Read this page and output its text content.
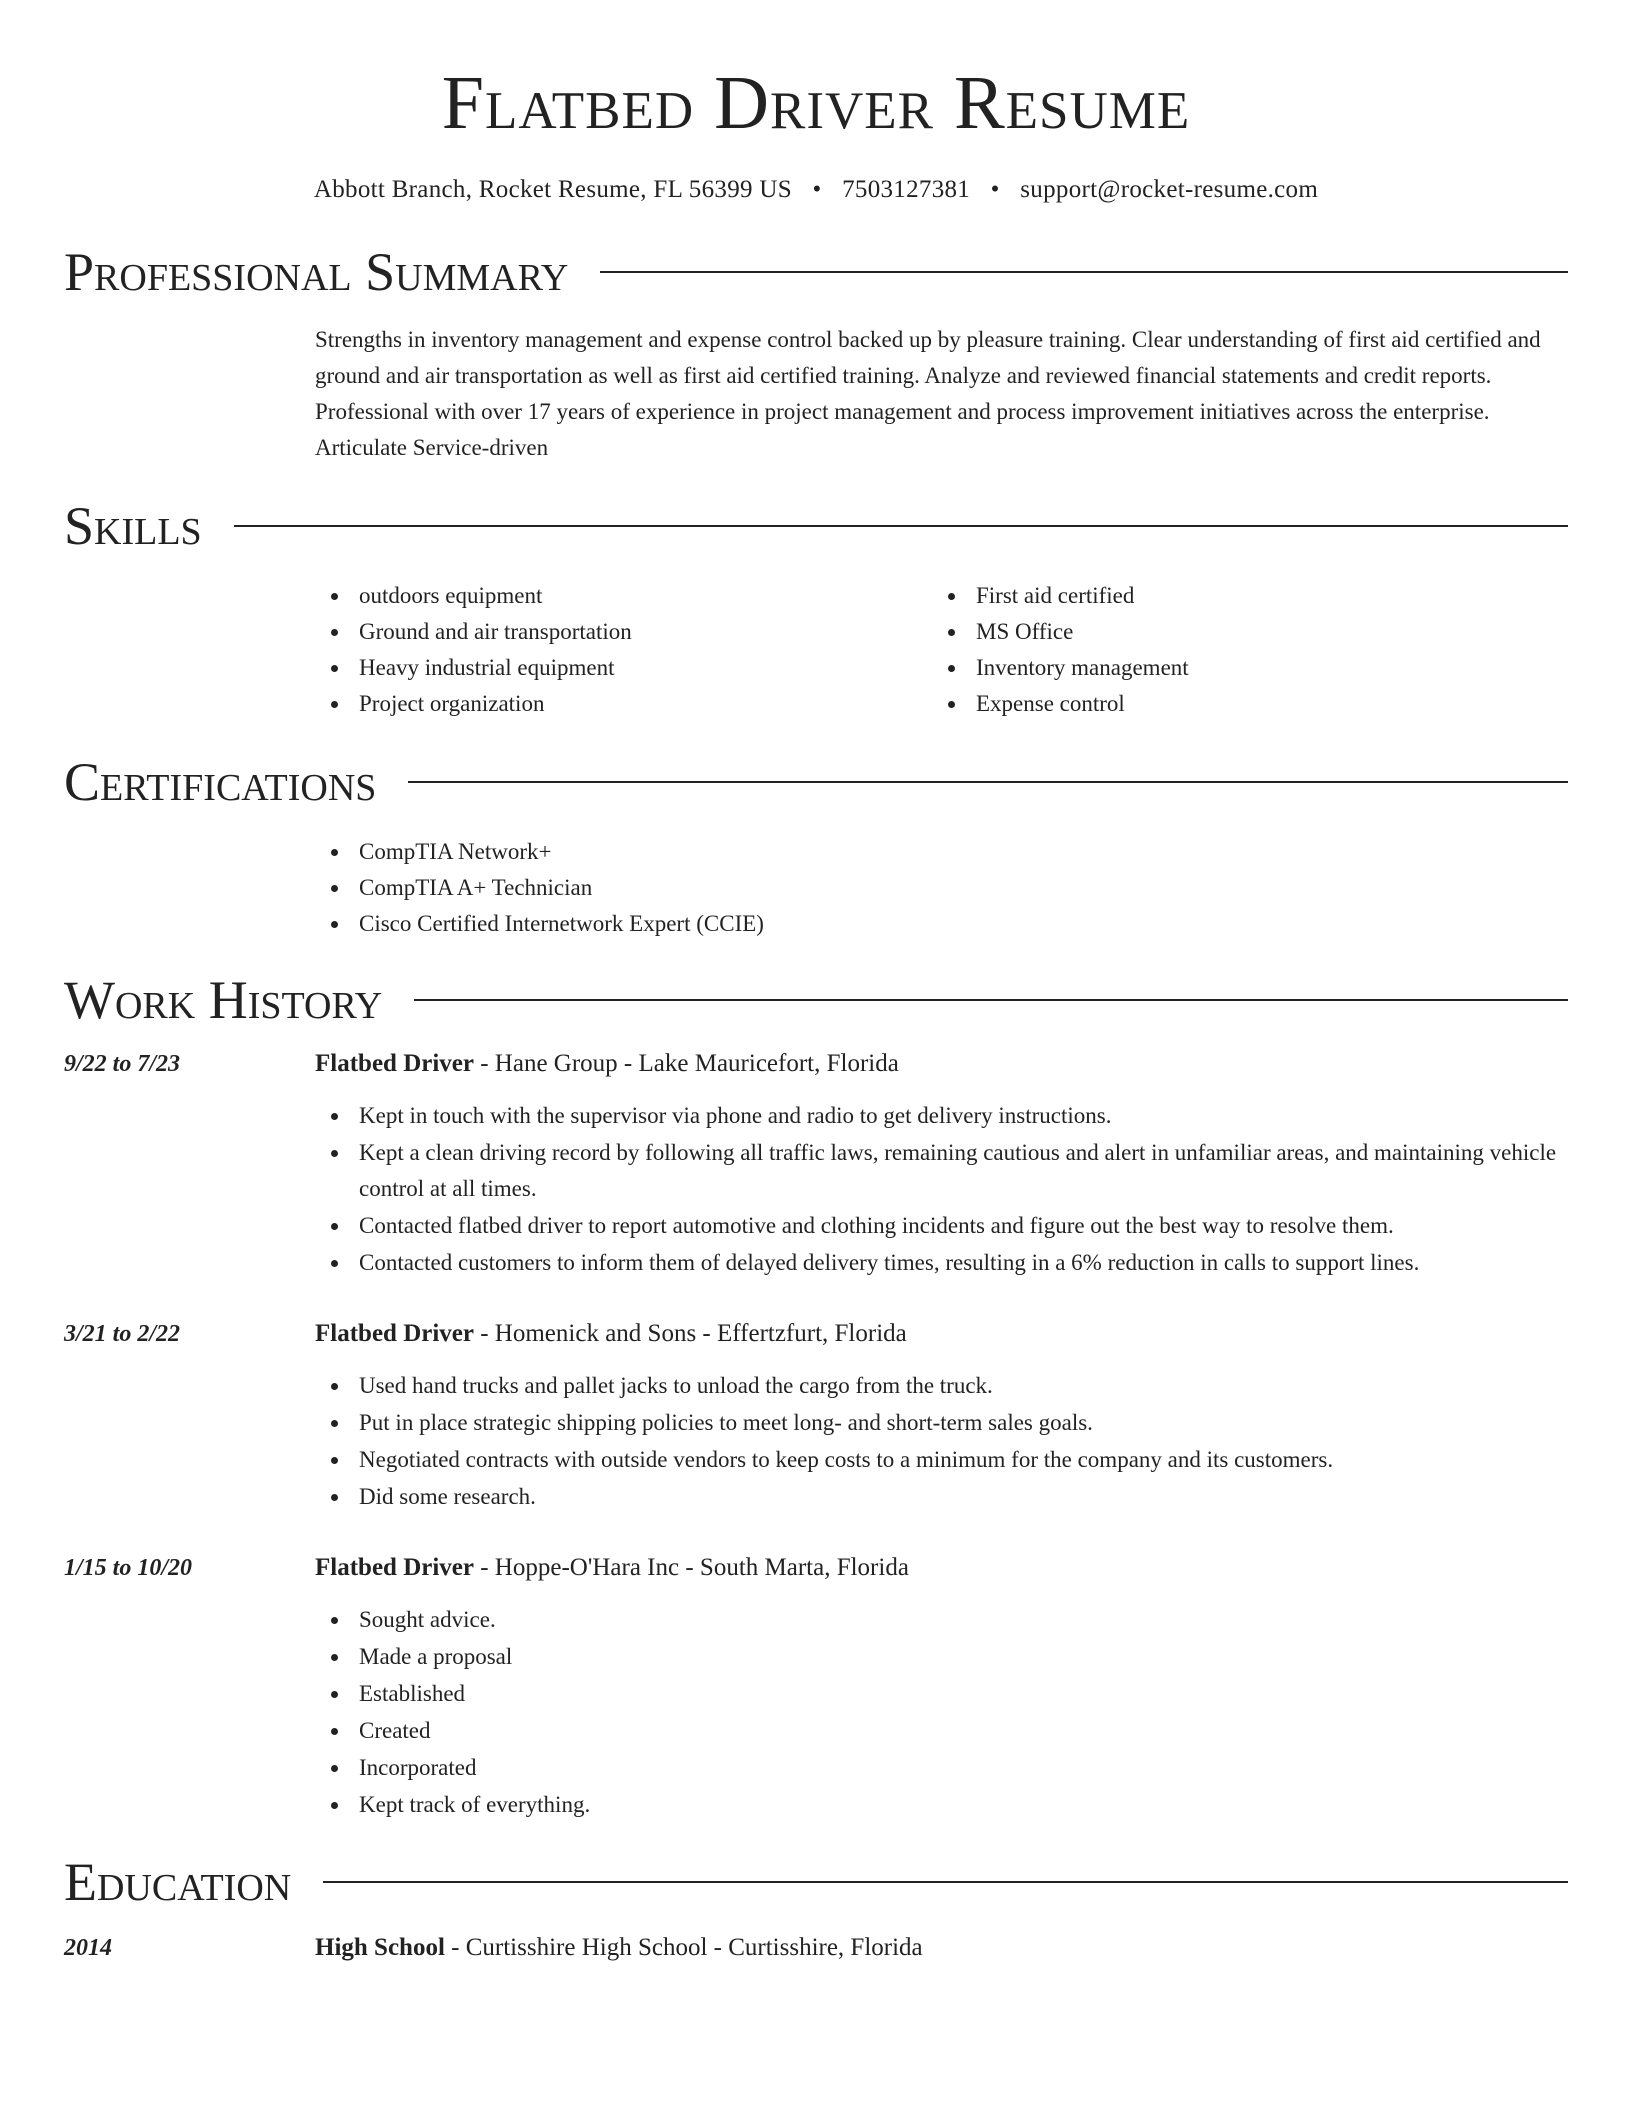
Flatbed Driver Resume
Abbott Branch, Rocket Resume, FL 56399 US • 7503127381 • support@rocket-resume.com
Professional Summary

Strengths in inventory management and expense control backed up by pleasure training. Clear understanding of first aid certified and ground and air transportation as well as first aid certified training. Analyze and reviewed financial statements and credit reports. Professional with over 17 years of experience in project management and process improvement initiatives across the enterprise. Articulate Service-driven

Skills
outdoors equipment
Ground and air transportation
Heavy industrial equipment
Project organization
First aid certified
MS Office
Inventory management
Expense control
Certifications
CompTIA Network+
CompTIA A+ Technician
Cisco Certified Internetwork Expert (CCIE)
Work History
9/22 to 7/23	Flatbed Driver - Hane Group - Lake Mauricefort, Florida
Kept in touch with the supervisor via phone and radio to get delivery instructions.
Kept a clean driving record by following all traffic laws, remaining cautious and alert in unfamiliar areas, and maintaining vehicle control at all times.
Contacted flatbed driver to report automotive and clothing incidents and figure out the best way to resolve them.
Contacted customers to inform them of delayed delivery times, resulting in a 6% reduction in calls to support lines.
3/21 to 2/22	Flatbed Driver - Homenick and Sons - Effertzfurt, Florida
Used hand trucks and pallet jacks to unload the cargo from the truck.
Put in place strategic shipping policies to meet long- and short-term sales goals.
Negotiated contracts with outside vendors to keep costs to a minimum for the company and its customers.
Did some research.
1/15 to 10/20	Flatbed Driver - Hoppe-O'Hara Inc - South Marta, Florida
Sought advice.
Made a proposal
Established
Created
Incorporated
Kept track of everything.
Education
2014	High School - Curtisshire High School - Curtisshire, Florida
